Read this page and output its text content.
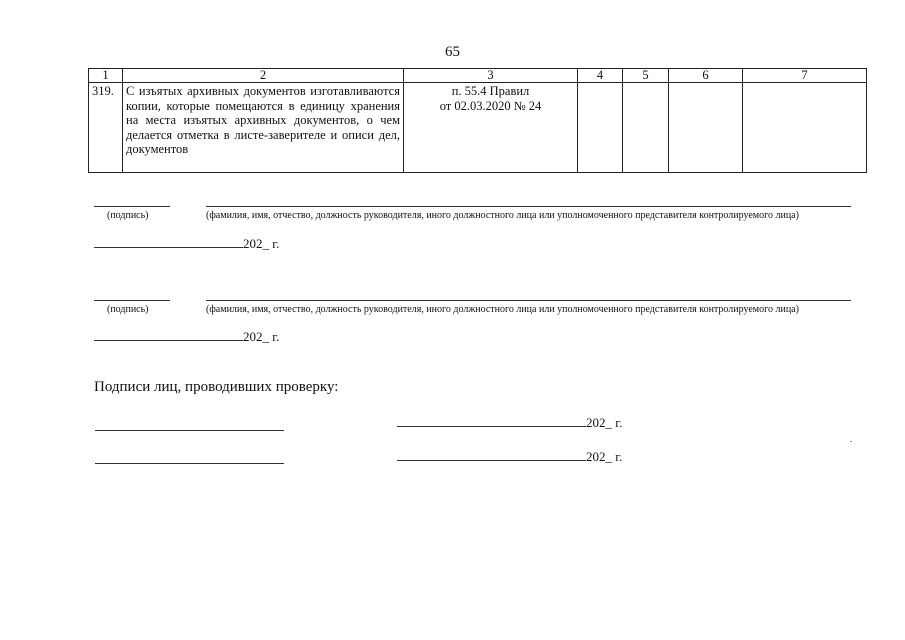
65
1	2	3	4	5	6	7
319.	С изъятых архивных документов изготавливаются копии, которые помещаются в единицу хранения на места изъятых архивных документов, о чем делается отметка в листе-заверителе и описи дел, документов	п. 55.4 Правил
от 02.03.2020 № 24				

(подпись)	(фамилия, имя, отчество, должность руководителя, иного должностного лица или уполномоченного представителя контролируемого лица)
202_ г.
(подпись)	(фамилия, имя, отчество, должность руководителя, иного должностного лица или уполномоченного представителя контролируемого лица)
202_ г.
Подписи лиц, проводивших проверку:
202_ г.
202_ г.
